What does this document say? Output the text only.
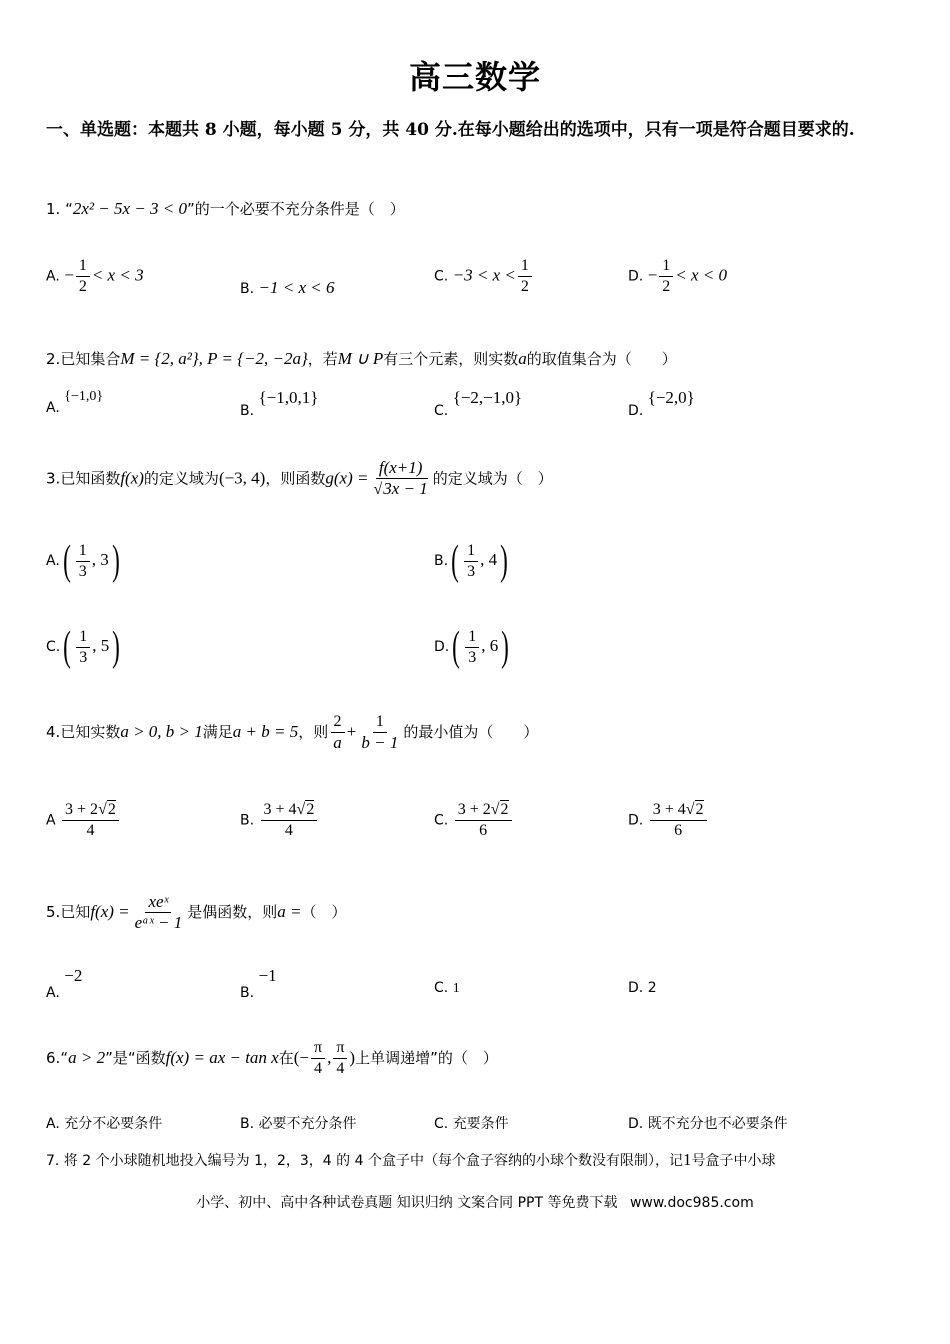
高三数学
一、单选题：本题共 8 小题，每小题 5 分，共 40 分.在每小题给出的选项中，只有一项是符合题目要求的.
1. “2x² − 5x − 3 < 0”的一个必要不充分条件是（　）
A. − $\frac{1}{2} < x < 3$
B. −1 < x < 6
C. $-3 < x < \frac{1}{2}$	D. − $\frac{1}{2} < x < 0$
2.已知集合M = {2, a²}, P = {−2, −2a}，若M ∪ P有三个元素，则实数a的取值集合为（　　）
A. {−1,0}
B. {−1,0,1}
C. {−2,−1,0}
D. {−2,0}
3.已知函数f(x)的定义域为(−3, 4)，则函数$g(x) = \frac{f(x+1)}{√3x - 1}$ 的定义域为（　）
$A.( \frac{1}{3}$ , 3)	$B.( \frac{1}{3}$ , 4)
$C.( \frac{1}{3}$ , 5)	$D.( \frac{1}{3}$ , 6)
4.已知实数a > 0, b > 1满足a + b = 5，则 $\frac{2}{a} + \frac{1}{b - 1}$ 的最小值为（　　）
A $\frac{3 + 2√2}{4}$	B. $\frac{3 + 4√2}{4}$	C. $\frac{3 + 2√2}{6}$	D. $\frac{3 + 4√2}{6}$
5.已知$f(x) = \frac{\text{xeˣ}}{\text{eᵃˣ − 1}}$ 是偶函数，则a =（　）
A. −2
B. −1
C. 1	D. 2
6.“a > 2”是“函数f(x) = ax − tan x在(− $\frac{\pi}{4}$ , $\frac{\pi}{4}$ )上单调递增”的（　）
A. 充分不必要条件	B. 必要不充分条件	C. 充要条件	D. 既不充分也不必要条件
7. 将 2 个小球随机地投入编号为 1，2，3，4 的 4 个盒子中（每个盒子容纳的小球个数没有限制），记1号盒子中小球
小学、初中、高中各种试卷真题 知识归纳 文案合同 PPT 等免费下载 www.doc985.com
